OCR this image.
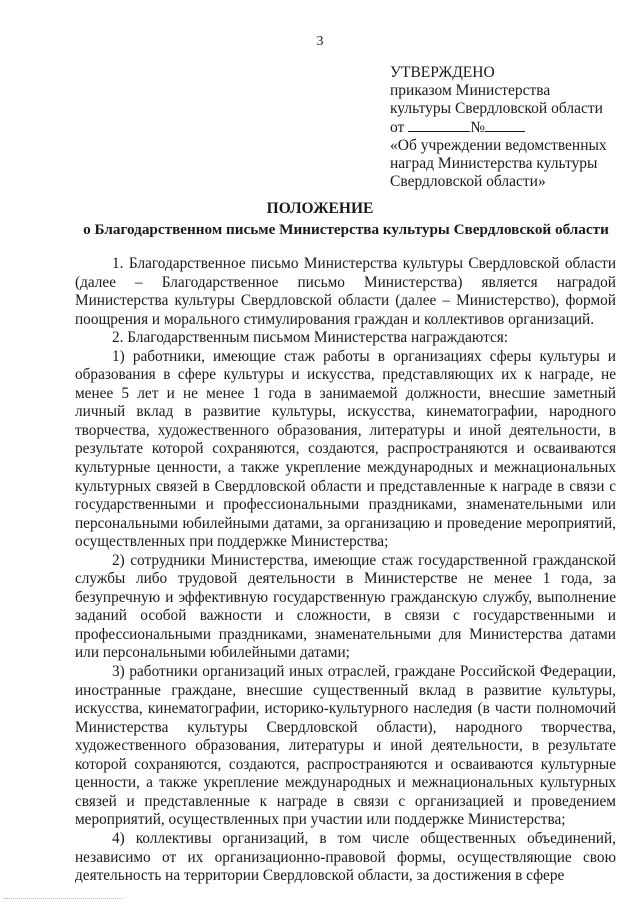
3
УТВЕРЖДЕНО
приказом Министерства
культуры Свердловской области
от	№
«Об учреждении ведомственных
наград Министерства культуры
Свердловской области»
ПОЛОЖЕНИЕ
о Благодарственном письме Министерства культуры Свердловской области

1. Благодарственное письмо Министерства культуры Свердловской области (далее – Благодарственное письмо Министерства) является наградой Министерства культуры Свердловской области (далее – Министерство), формой поощрения и морального стимулирования граждан и коллективов организаций.

2. Благодарственным письмом Министерства награждаются:

1) работники, имеющие стаж работы в организациях сферы культуры и образования в сфере культуры и искусства, представляющих их к награде, не менее 5 лет и не менее 1 года в занимаемой должности, внесшие заметный личный вклад в развитие культуры, искусства, кинематографии, народного творчества, художественного образования, литературы и иной деятельности, в результате которой сохраняются, создаются, распространяются и осваиваются культурные ценности, а также укрепление международных и межнациональных культурных связей в Свердловской области и представленные к награде в связи с государственными и профессиональными праздниками, знаменательными или персональными юбилейными датами, за организацию и проведение мероприятий, осуществленных при поддержке Министерства;

2) сотрудники Министерства, имеющие стаж государственной гражданской службы либо трудовой деятельности в Министерстве не менее 1 года, за безупречную и эффективную государственную гражданскую службу, выполнение заданий особой важности и сложности, в связи с государственными и профессиональными праздниками, знаменательными для Министерства датами или персональными юбилейными датами;

3) работники организаций иных отраслей, граждане Российской Федерации, иностранные граждане, внесшие существенный вклад в развитие культуры, искусства, кинематографии, историко-культурного наследия (в части полномочий Министерства культуры Свердловской области), народного творчества, художественного образования, литературы и иной деятельности, в результате которой сохраняются, создаются, распространяются и осваиваются культурные ценности, а также укрепление международных и межнациональных культурных связей и представленные к награде в связи с организацией и проведением мероприятий, осуществленных при участии или поддержке Министерства;

4) коллективы организаций, в том числе общественных объединений, независимо от их организационно-правовой формы, осуществляющие свою деятельность на территории Свердловской области, за достижения в сфере
